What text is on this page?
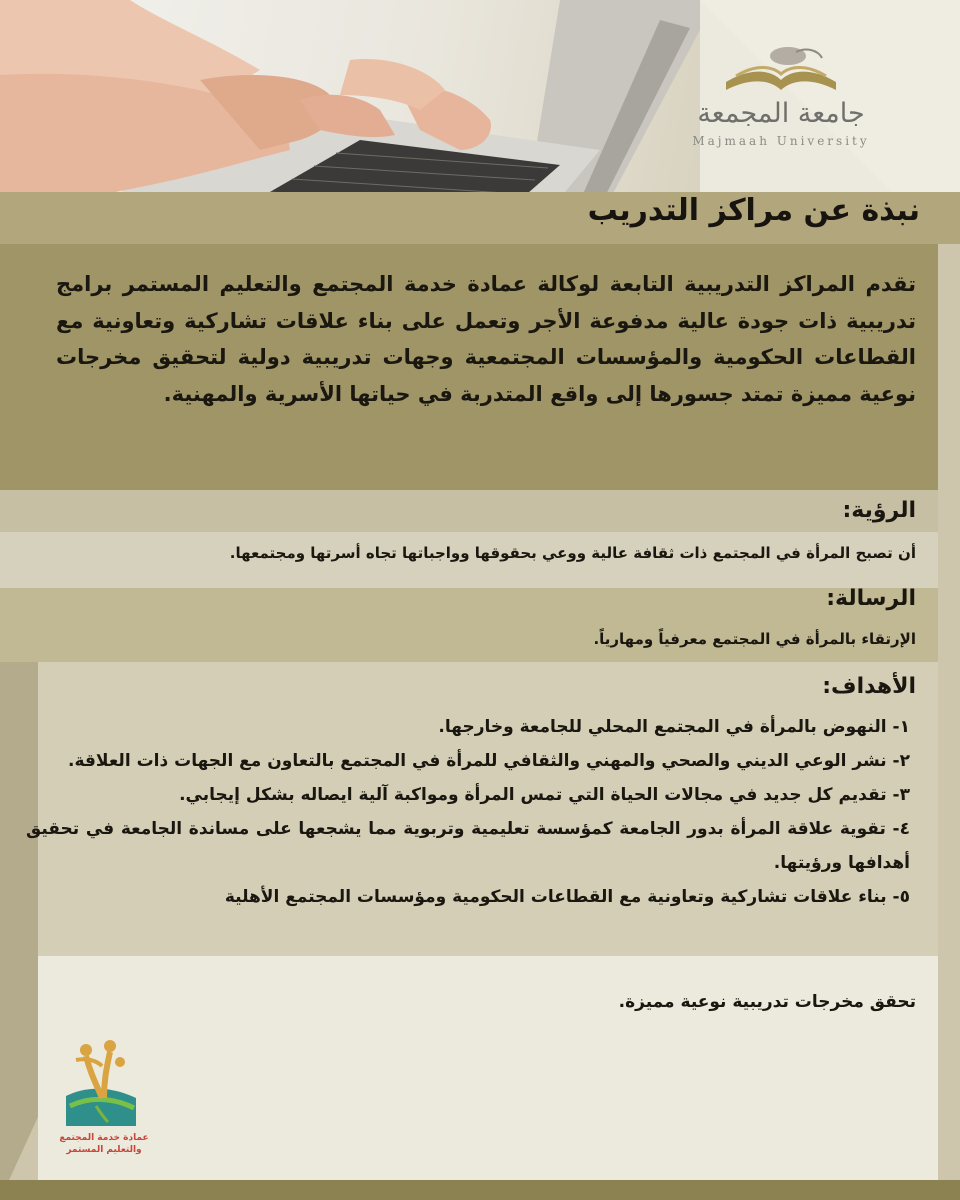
جامعة المجمعة
Majmaah University
نبذة عن مراكز التدريب
تقدم المراكز التدريبية التابعة لوكالة عمادة خدمة المجتمع والتعليم المستمر برامج تدريبية ذات جودة عالية مدفوعة الأجر وتعمل على بناء علاقات تشاركية وتعاونية مع القطاعات الحكومية والمؤسسات المجتمعية وجهات تدريبية دولية لتحقيق مخرجات نوعية مميزة تمتد جسورها إلى واقع المتدربة في حياتها الأسرية والمهنية.
الرؤية:
أن تصبح المرأة في المجتمع ذات ثقافة عالية ووعي بحقوقها وواجباتها تجاه أسرتها ومجتمعها.
الرسالة:
الإرتقاء بالمرأة في المجتمع معرفياً ومهارياً.
الأهداف:
١- النهوض بالمرأة في المجتمع المحلي للجامعة وخارجها.
٢- نشر الوعي الديني والصحي والمهني والثقافي للمرأة في المجتمع بالتعاون مع الجهات ذات العلاقة.
٣- تقديم كل جديد في مجالات الحياة التي تمس المرأة ومواكبة آلية ايصاله بشكل إيجابي.
٤- تقوية علاقة المرأة بدور الجامعة كمؤسسة تعليمية وتربوية مما يشجعها على مساندة الجامعة في تحقيق أهدافها ورؤيتها.
٥- بناء علاقات تشاركية وتعاونية مع القطاعات الحكومية ومؤسسات المجتمع الأهلية
تحقق مخرجات تدريبية نوعية مميزة.
عمادة خدمة المجتمع
والتعليم المستمر
